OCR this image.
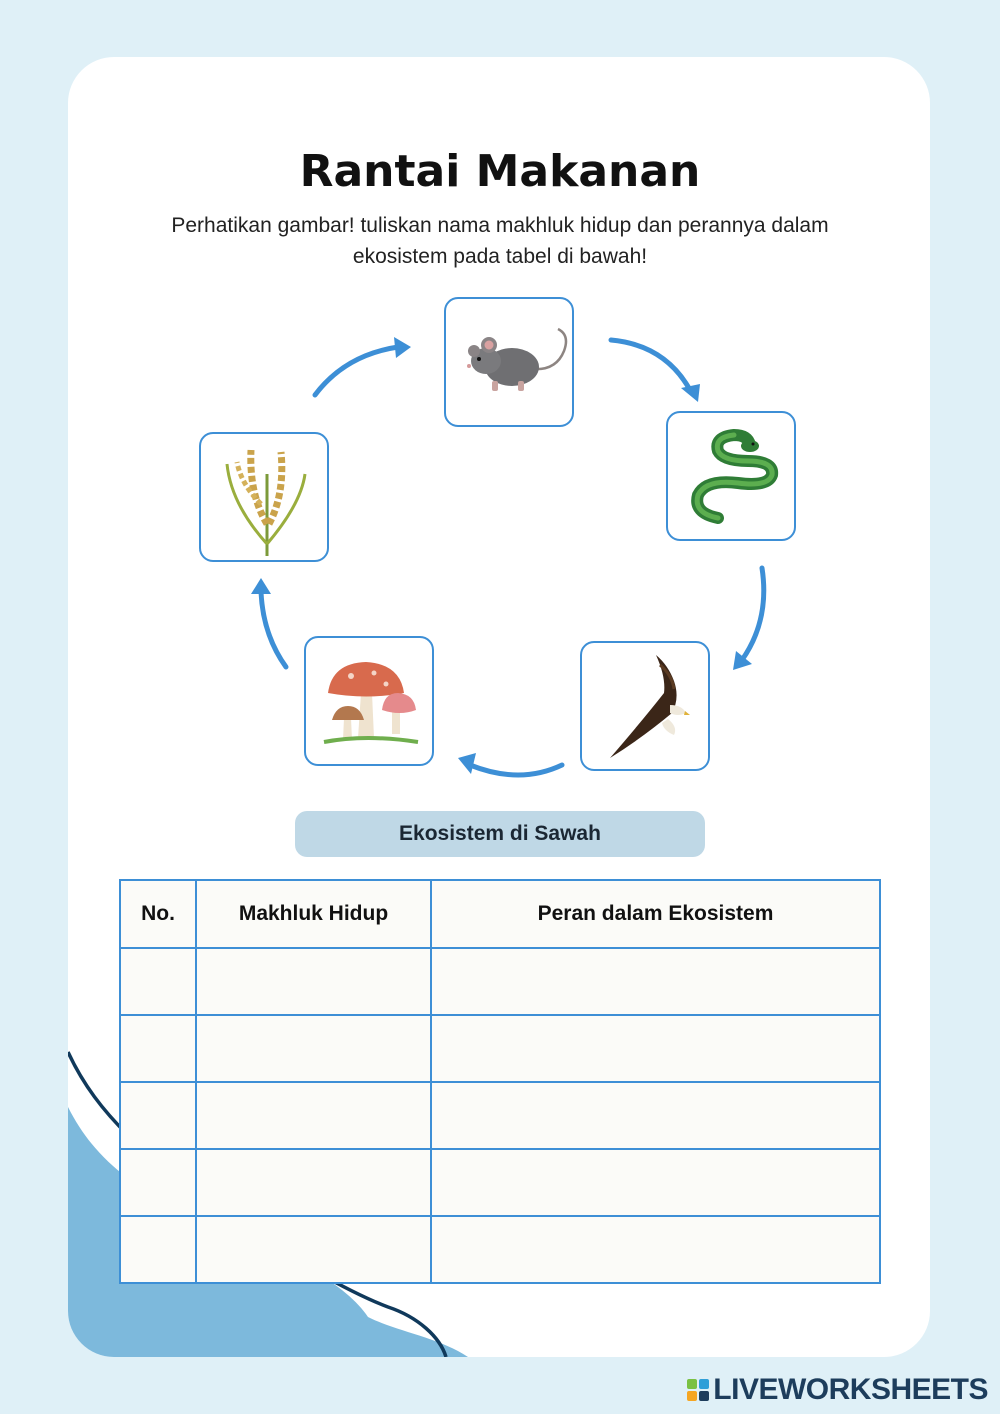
Rantai Makanan

Perhatikan gambar! tuliskan nama makhluk hidup dan perannya dalam ekosistem pada tabel di bawah!

Ekosistem di Sawah
No.	Makhluk Hidup	Peran dalam Ekosistem

LIVEWORKSHEETS
